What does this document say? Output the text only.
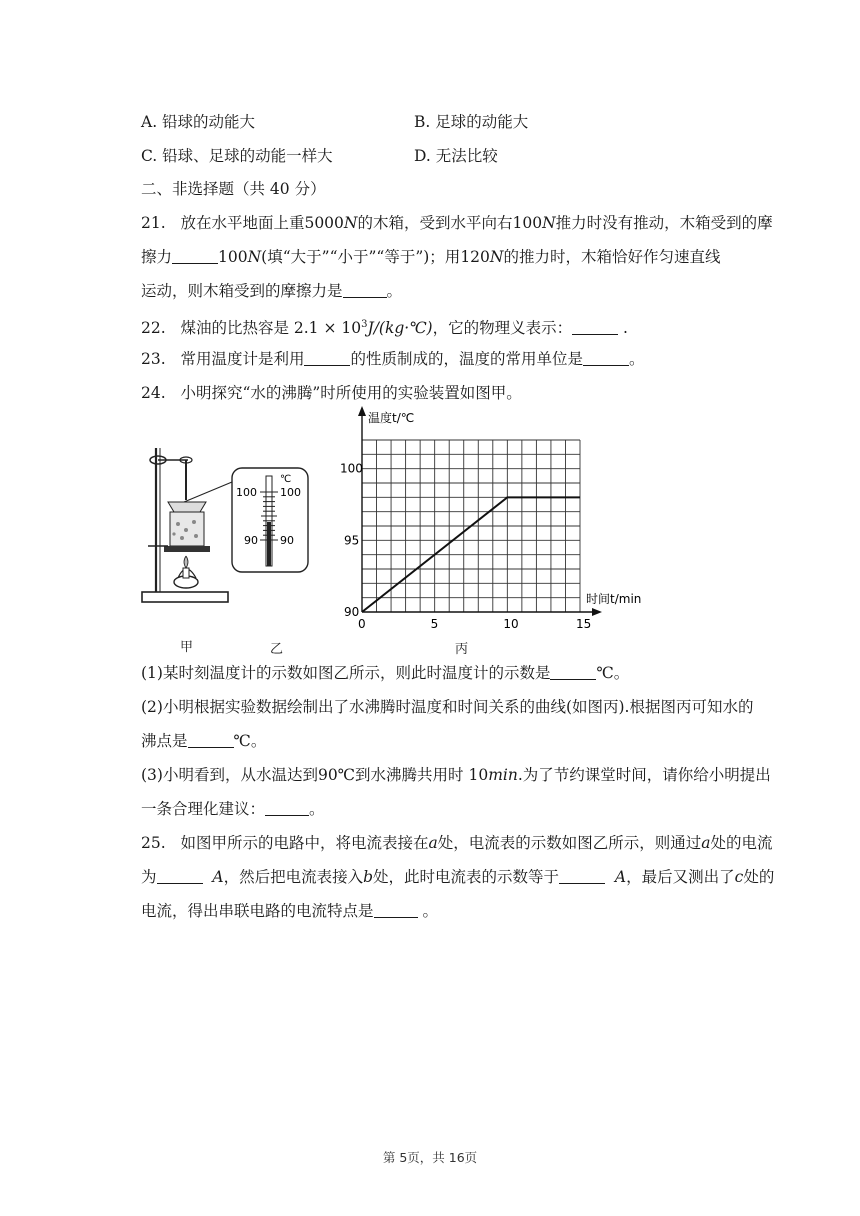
A. 铅球的动能大	B. 足球的动能大
C. 铅球、足球的动能一样大	D. 无法比较
二、非选择题（共 40 分）
21. 放在水平地面上重5000N的木箱，受到水平向右100N推力时没有推动，木箱受到的摩
擦力	100N(填“大于”“小于”“等于”)；用120N的推力时，木箱恰好作匀速直线
运动，则木箱受到的摩擦力是	。
22. 煤油的比热容是 $2.1 \times 10^3J/(kg\cdot℃)$，它的物理义表示：	.
23. 常用温度计是利用	的性质制成的，温度的常用单位是	。
24. 小明探究“水的沸腾”时所使用的实验装置如图甲。
℃
100 100
90 90
0	5	10	15
90
95
100
温度t/℃
时间t/min
甲	乙	丙
(1)某时刻温度计的示数如图乙所示，则此时温度计的示数是	℃。
(2)小明根据实验数据绘制出了水沸腾时温度和时间关系的曲线(如图丙).根据图丙可知水的
沸点是	℃。
(3)小明看到，从水温达到90℃到水沸腾共用时 10min.为了节约课堂时间，请你给小明提出
一条合理化建议：	。
25. 如图甲所示的电路中，将电流表接在a处，电流表的示数如图乙所示，则通过a处的电流
为	A，然后把电流表接入b处，此时电流表的示数等于	A，最后又测出了c处的
电流，得出串联电路的电流特点是	。
第 5页，共 16页
